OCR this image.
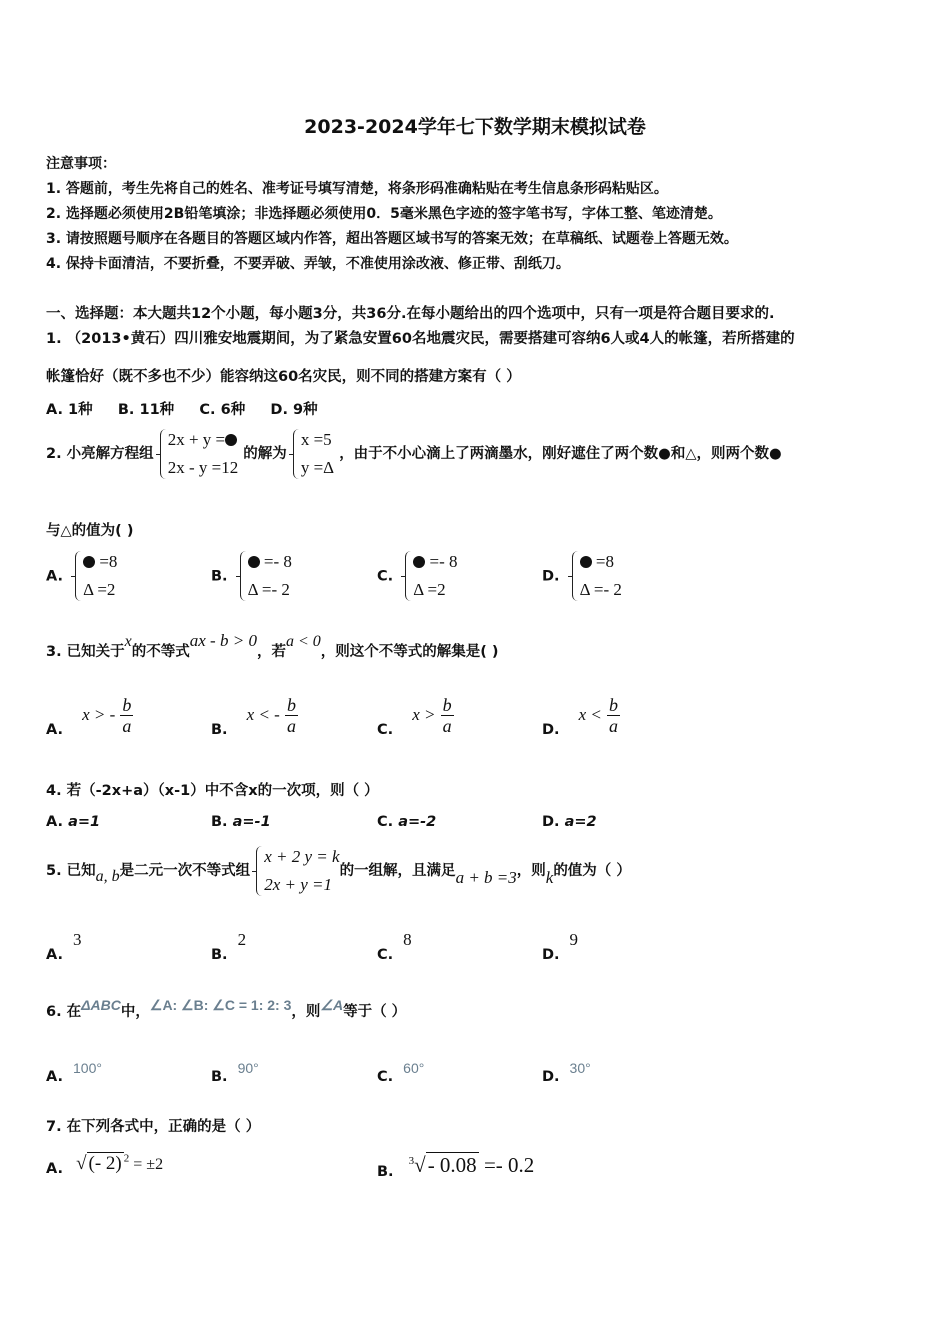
2023-2024学年七下数学期末模拟试卷
注意事项：
1. 答题前，考生先将自己的姓名、准考证号填写清楚，将条形码准确粘贴在考生信息条形码粘贴区。
2. 选择题必须使用2B铅笔填涂；非选择题必须使用0．5毫米黑色字迹的签字笔书写，字体工整、笔迹清楚。
3. 请按照题号顺序在各题目的答题区域内作答，超出答题区域书写的答案无效；在草稿纸、试题卷上答题无效。
4. 保持卡面清洁，不要折叠，不要弄破、弄皱，不准使用涂改液、修正带、刮纸刀。
一、选择题：本大题共12个小题，每小题3分，共36分.在每小题给出的四个选项中，只有一项是符合题目要求的.
1. （2013•黄石）四川雅安地震期间，为了紧急安置60名地震灾民，需要搭建可容纳6人或4人的帐篷，若所搭建的
帐篷恰好（既不多也不少）能容纳这60名灾民，则不同的搭建方案有（ ）
A. 1种     B. 11种     C. 6种     D. 9种
2. 小亮解方程组
2x + y =
2x - y =12
的解为
x =5
y =Δ
，由于不小心滴上了两滴墨水，刚好遮住了两个数●和△，则两个数●
与△的值为( )
A.
=8
Δ =2
B.
=- 8
Δ =- 2
C.
=- 8
Δ =2
D.
=8
Δ =- 2
3. 已知关于x的不等式ax - b > 0，若a < 0，则这个不等式的解集是( )
A. x > - $\frac{b}{a}$	B. x < - $\frac{b}{a}$	C. $x > \frac{b}{a}$	D. $x < \frac{b}{a}$
4. 若（-2x+a）（x-1）中不含x的一次项，则（ ）
A. a=1	B. a=-1	C. a=-2	D. a=2
5. 已知a, b是二元一次不等式组
x + 2 y = k
2x + y =1
的一组解，且满足a + b =3，则k的值为（ ）
A.3
B.2
C.8
D.9
6. 在ΔABC中，∠A: ∠B: ∠C = 1: 2: 3，则∠A等于（ ）
A.100°
B.90°
C.60°
D.30°
7. 在下列各式中，正确的是（ ）
A. √ (- 2) $^2$ = ±2	B. $^3$√- 0.08 =- 0.2
